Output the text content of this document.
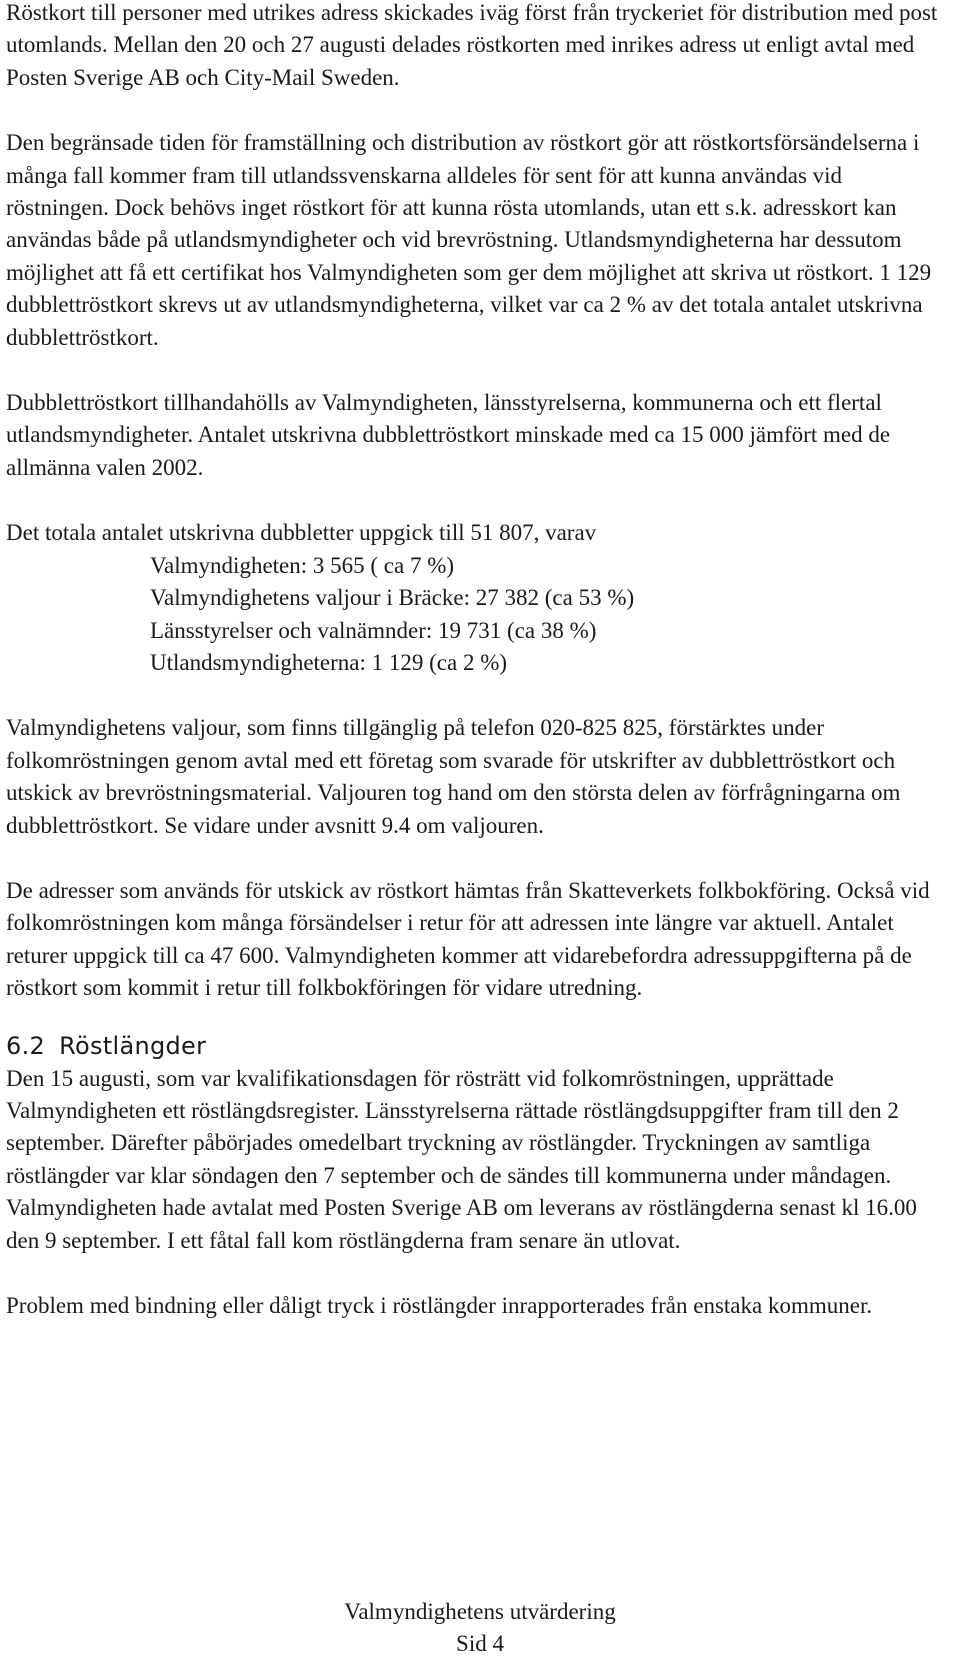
Röstkort till personer med utrikes adress skickades iväg först från tryckeriet för distribution med post utomlands. Mellan den 20 och 27 augusti delades röstkorten med inrikes adress ut enligt avtal med Posten Sverige AB och City-Mail Sweden.

Den begränsade tiden för framställning och distribution av röstkort gör att röstkortsförsändelserna i många fall kommer fram till utlandssvenskarna alldeles för sent för att kunna användas vid röstningen. Dock behövs inget röstkort för att kunna rösta utomlands, utan ett s.k. adresskort kan användas både på utlandsmyndigheter och vid brevröstning. Utlandsmyndigheterna har dessutom möjlighet att få ett certifikat hos Valmyndigheten som ger dem möjlighet att skriva ut röstkort. 1 129 dubblettröstkort skrevs ut av utlandsmyndigheterna, vilket var ca 2 % av det totala antalet utskrivna dubblettröstkort.

Dubblettröstkort tillhandahölls av Valmyndigheten, länsstyrelserna, kommunerna och ett flertal utlandsmyndigheter. Antalet utskrivna dubblettröstkort minskade med ca 15 000 jämfört med de allmänna valen 2002.

Det totala antalet utskrivna dubbletter uppgick till 51 807, varav
Valmyndigheten: 3 565 ( ca 7 %)
Valmyndighetens valjour i Bräcke: 27 382 (ca 53 %)
Länsstyrelser och valnämnder: 19 731 (ca 38 %)
Utlandsmyndigheterna: 1 129 (ca 2 %)

Valmyndighetens valjour, som finns tillgänglig på telefon 020-825 825, förstärktes under folkomröstningen genom avtal med ett företag som svarade för utskrifter av dubblettröstkort och utskick av brevröstningsmaterial. Valjouren tog hand om den största delen av förfrågningarna om dubblettröstkort. Se vidare under avsnitt 9.4 om valjouren.

De adresser som används för utskick av röstkort hämtas från Skatteverkets folkbokföring. Också vid folkomröstningen kom många försändelser i retur för att adressen inte längre var aktuell. Antalet returer uppgick till ca 47 600. Valmyndigheten kommer att vidarebefordra adressuppgifterna på de röstkort som kommit i retur till folkbokföringen för vidare utredning.

6.2 Röstlängder

Den 15 augusti, som var kvalifikationsdagen för rösträtt vid folkomröstningen, upprättade Valmyndigheten ett röstlängdsregister. Länsstyrelserna rättade röstlängdsuppgifter fram till den 2 september. Därefter påbörjades omedelbart tryckning av röstlängder. Tryckningen av samtliga röstlängder var klar söndagen den 7 september och de sändes till kommunerna under måndagen. Valmyndigheten hade avtalat med Posten Sverige AB om leverans av röstlängderna senast kl 16.00 den 9 september. I ett fåtal fall kom röstlängderna fram senare än utlovat.

Problem med bindning eller dåligt tryck i röstlängder inrapporterades från enstaka kommuner.

Valmyndighetens utvärdering
Sid 4
